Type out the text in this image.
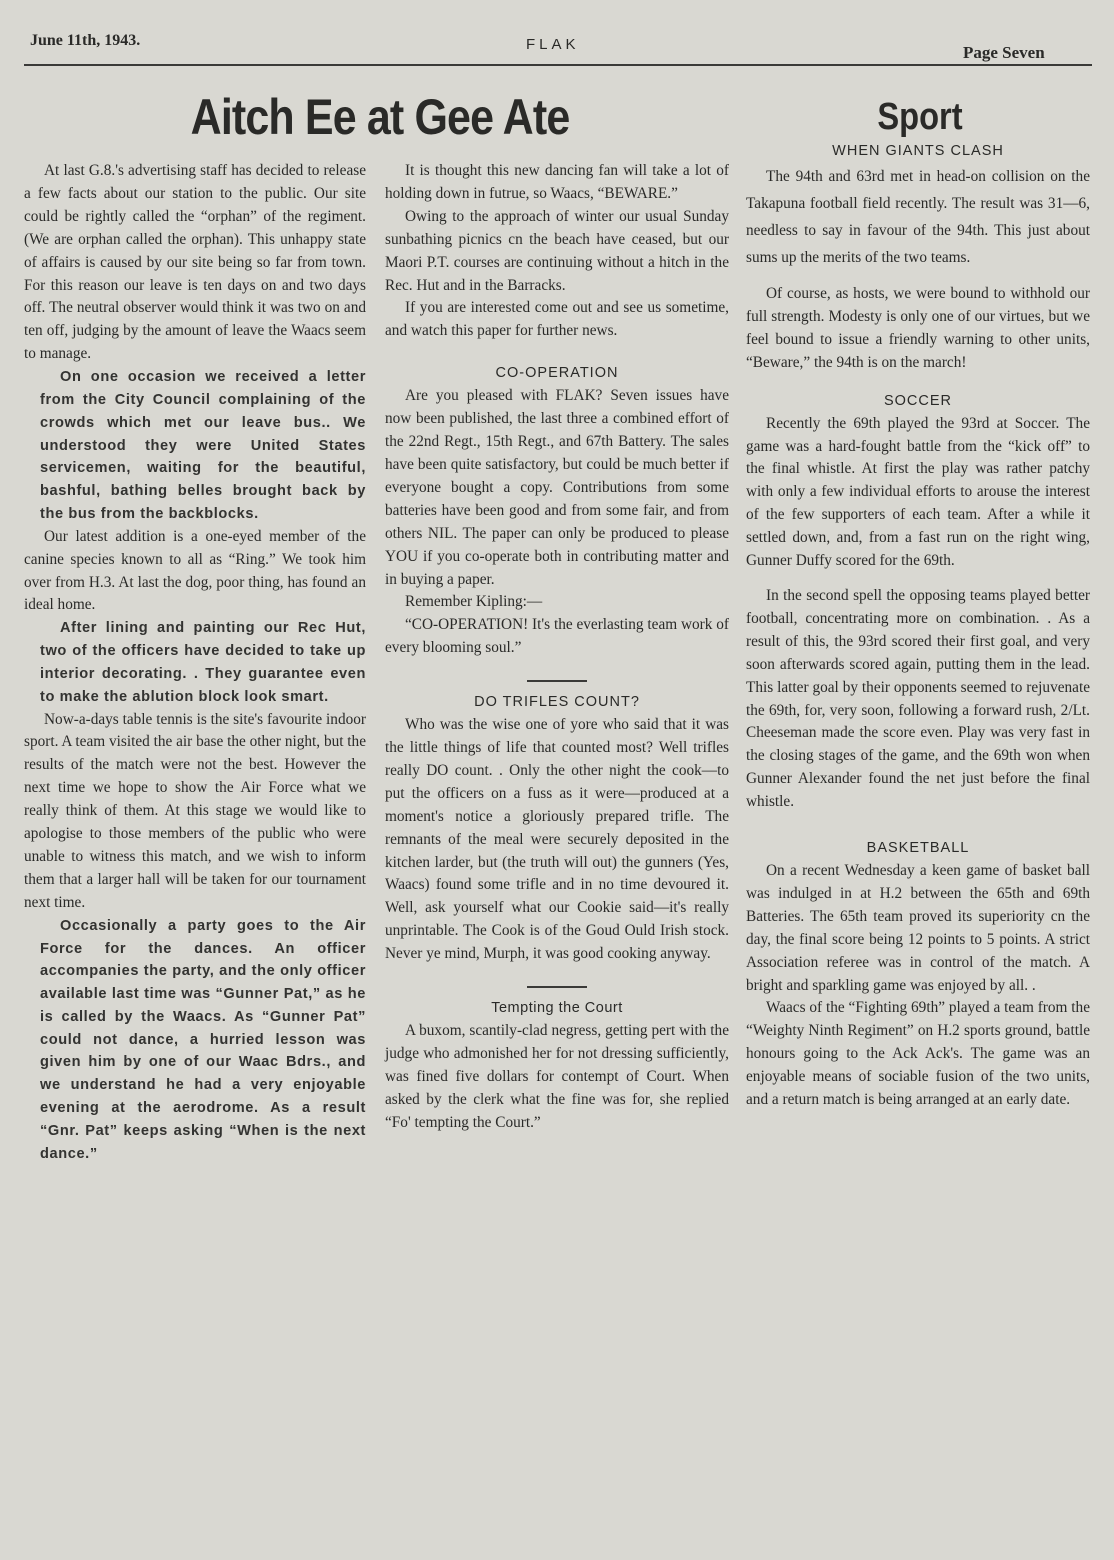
June 11th, 1943.	FLAK	Page Seven
Aitch Ee at Gee Ate	Sport

At last G.8.'s advertising staff has decided to release a few facts about our station to the public. Our site could be rightly called the “orphan” of the regiment. (We are orphan called the orphan). This unhappy state of affairs is caused by our site being so far from town. For this reason our leave is ten days on and two days off. The neutral observer would think it was two on and ten off, judging by the amount of leave the Waacs seem to manage.

On one occasion we received a letter from the City Council complaining of the crowds which met our leave bus.. We understood they were United States servicemen, waiting for the beautiful, bashful, bathing belles brought back by the bus from the backblocks.

Our latest addition is a one-eyed member of the canine species known to all as “Ring.” We took him over from H.3. At last the dog, poor thing, has found an ideal home.

After lining and painting our Rec Hut, two of the officers have decided to take up interior decorating. . They guarantee even to make the ablution block look smart.

Now-a-days table tennis is the site's favourite indoor sport. A team visited the air base the other night, but the results of the match were not the best. However the next time we hope to show the Air Force what we really think of them. At this stage we would like to apologise to those members of the public who were unable to witness this match, and we wish to inform them that a larger hall will be taken for our tournament next time.

Occasionally a party goes to the Air Force for the dances. An officer accompanies the party, and the only officer available last time was “Gunner Pat,” as he is called by the Waacs. As “Gunner Pat” could not dance, a hurried lesson was given him by one of our Waac Bdrs., and we understand he had a very enjoyable evening at the aerodrome. As a result “Gnr. Pat” keeps asking “When is the next dance.”

It is thought this new dancing fan will take a lot of holding down in futrue, so Waacs, “BEWARE.”

Owing to the approach of winter our usual Sunday sunbathing picnics cn the beach have ceased, but our Maori P.T. courses are continuing without a hitch in the Rec. Hut and in the Barracks.

If you are interested come out and see us sometime, and watch this paper for further news.

CO-OPERATION

Are you pleased with FLAK? Seven issues have now been published, the last three a combined effort of the 22nd Regt., 15th Regt., and 67th Battery. The sales have been quite satisfactory, but could be much better if everyone bought a copy. Contributions from some batteries have been good and from some fair, and from others NIL. The paper can only be produced to please YOU if you co-operate both in contributing matter and in buying a paper.

Remember Kipling:—

“CO-OPERATION! It's the everlasting team work of every blooming soul.”

DO TRIFLES COUNT?

Who was the wise one of yore who said that it was the little things of life that counted most? Well trifles really DO count. . Only the other night the cook—to put the officers on a fuss as it were—produced at a moment's notice a gloriously prepared trifle. The remnants of the meal were securely deposited in the kitchen larder, but (the truth will out) the gunners (Yes, Waacs) found some trifle and in no time devoured it. Well, ask yourself what our Cookie said—it's really unprintable. The Cook is of the Goud Ould Irish stock. Never ye mind, Murph, it was good cooking anyway.

Tempting the Court

A buxom, scantily-clad negress, getting pert with the judge who admonished her for not dressing sufficiently, was fined five dollars for contempt of Court. When asked by the clerk what the fine was for, she replied “Fo' tempting the Court.”

WHEN GIANTS CLASH

The 94th and 63rd met in head-on collision on the Takapuna football field recently. The result was 31—6, needless to say in favour of the 94th. This just about sums up the merits of the two teams.

Of course, as hosts, we were bound to withhold our full strength. Modesty is only one of our virtues, but we feel bound to issue a friendly warning to other units, “Beware,” the 94th is on the march!

SOCCER

Recently the 69th played the 93rd at Soccer. The game was a hard-fought battle from the “kick off” to the final whistle. At first the play was rather patchy with only a few individual efforts to arouse the interest of the few supporters of each team. After a while it settled down, and, from a fast run on the right wing, Gunner Duffy scored for the 69th.

In the second spell the opposing teams played better football, concentrating more on combination. . As a result of this, the 93rd scored their first goal, and very soon afterwards scored again, putting them in the lead. This latter goal by their opponents seemed to rejuvenate the 69th, for, very soon, following a forward rush, 2/Lt. Cheeseman made the score even. Play was very fast in the closing stages of the game, and the 69th won when Gunner Alexander found the net just before the final whistle.

BASKETBALL

On a recent Wednesday a keen game of basket ball was indulged in at H.2 between the 65th and 69th Batteries. The 65th team proved its superiority cn the day, the final score being 12 points to 5 points. A strict Association referee was in control of the match. A bright and sparkling game was enjoyed by all. .

Waacs of the “Fighting 69th” played a team from the “Weighty Ninth Regiment” on H.2 sports ground, battle honours going to the Ack Ack's. The game was an enjoyable means of sociable fusion of the two units, and a return match is being arranged at an early date.
